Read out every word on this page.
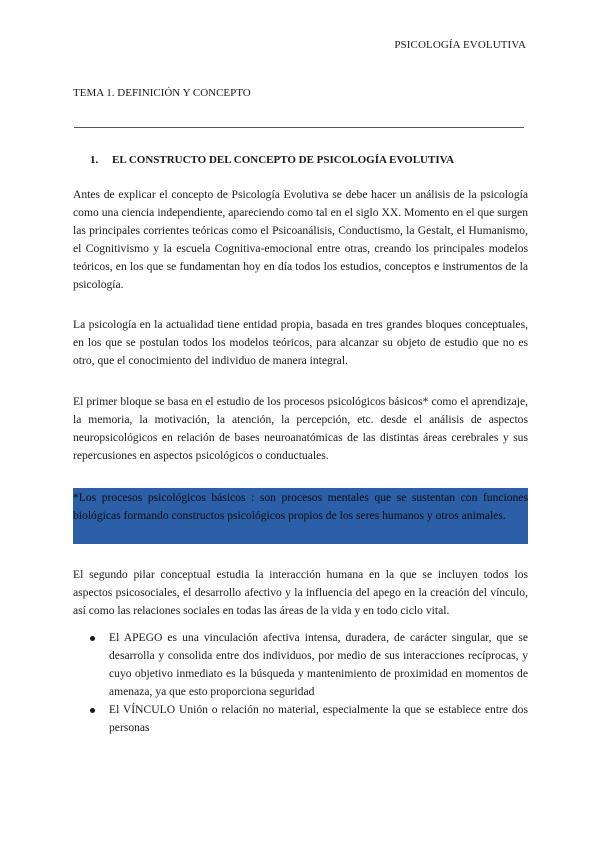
PSICOLOGÍA EVOLUTIVA
TEMA 1. DEFINICIÓN Y CONCEPTO
1. EL CONSTRUCTO DEL CONCEPTO DE PSICOLOGÍA EVOLUTIVA

Antes de explicar el concepto de Psicología Evolutiva se debe hacer un análisis de la psicología como una ciencia independiente, apareciendo como tal en el siglo XX. Momento en el que surgen las principales corrientes teóricas como el Psicoanálisis, Conductismo, la Gestalt, el Humanismo, el Cognitivismo y la escuela Cognitiva-emocional entre otras, creando los principales modelos teóricos, en los que se fundamentan hoy en día todos los estudios, conceptos e instrumentos de la psicología.

La psicología en la actualidad tiene entidad propia, basada en tres grandes bloques conceptuales, en los que se postulan todos los modelos teóricos, para alcanzar su objeto de estudio que no es otro, que el conocimiento del individuo de manera integral.

El primer bloque se basa en el estudio de los procesos psicológicos básicos* como el aprendizaje, la memoria, la motivación, la atención, la percepción, etc. desde el análisis de aspectos neuropsicológicos en relación de bases neuroanatómicas de las distintas áreas cerebrales y sus repercusiones en aspectos psicológicos o conductuales.

*Los procesos psicológicos básicos : son procesos mentales que se sustentan con funciones biológicas formando constructos psicológicos propios de los seres humanos y otros animales.

El segundo pilar conceptual estudia la interacción humana en la que se incluyen todos los aspectos psicosociales, el desarrollo afectivo y la influencia del apego en la creación del vínculo, así como las relaciones sociales en todas las áreas de la vida y en todo ciclo vital.

El APEGO es una vinculación afectiva intensa, duradera, de carácter singular, que se desarrolla y consolida entre dos individuos, por medio de sus interacciones recíprocas, y cuyo objetivo inmediato es la búsqueda y mantenimiento de proximidad en momentos de amenaza, ya que esto proporciona seguridad
El VÍNCULO Unión o relación no material, especialmente la que se establece entre dos personas
